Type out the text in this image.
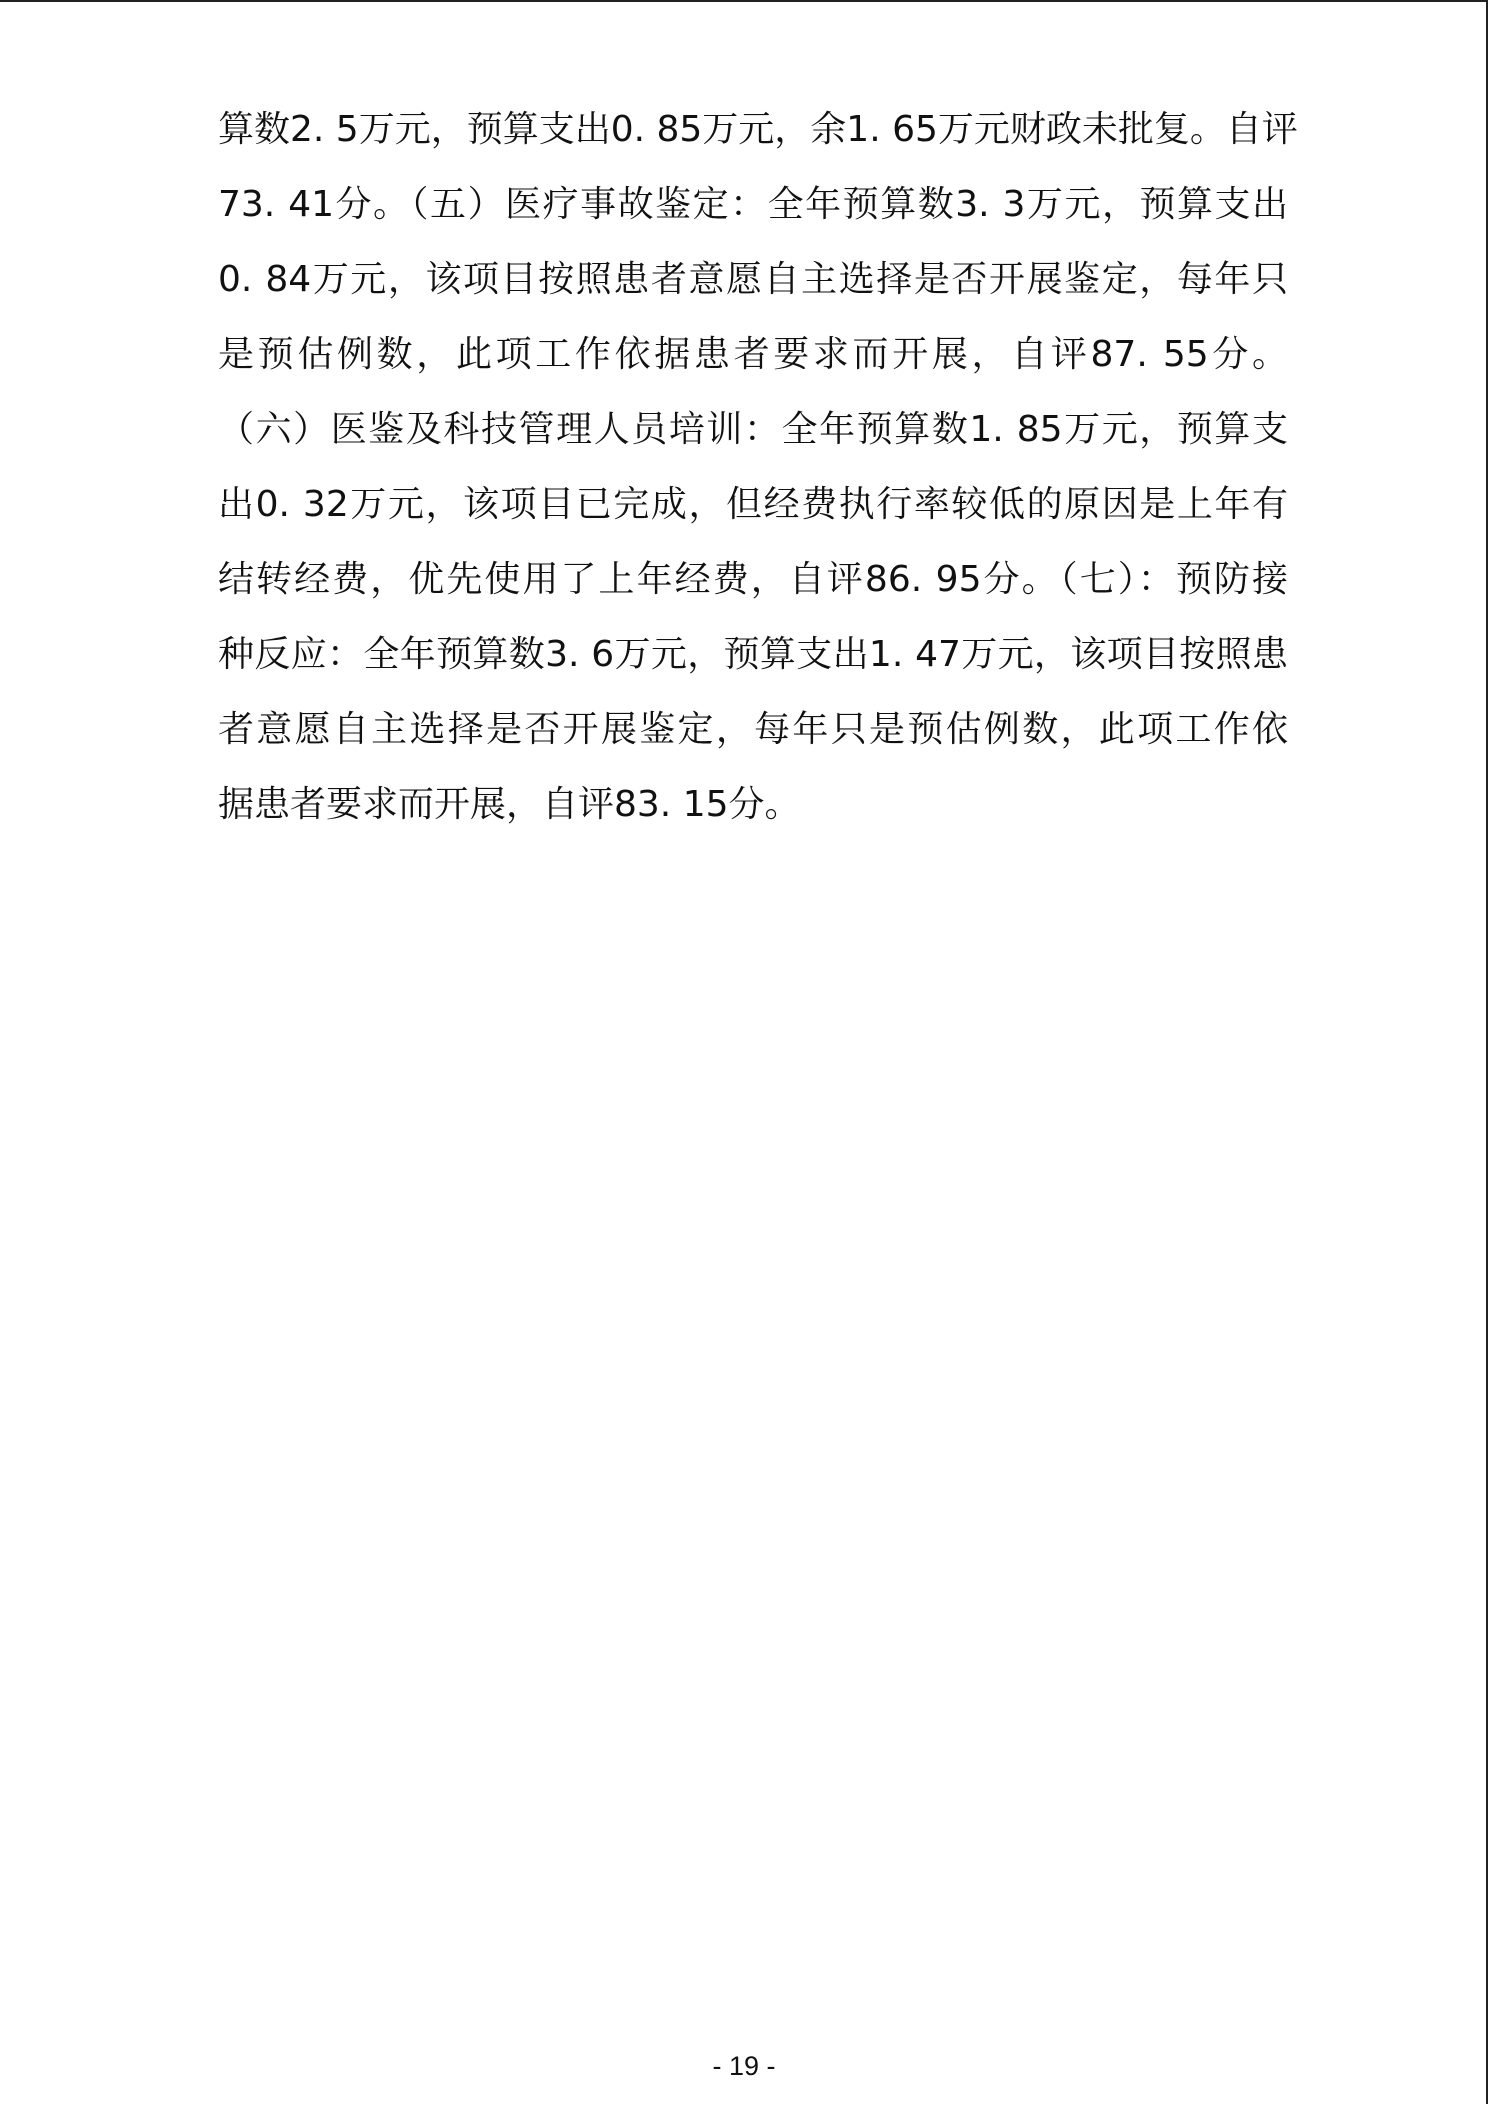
算数2. 5万元，预算支出0. 85万元，余1. 65万元财政未批复。自评
73. 41分。（五）医疗事故鉴定：全年预算数3. 3万元，预算支出
0. 84万元，该项目按照患者意愿自主选择是否开展鉴定，每年只
是预估例数，此项工作依据患者要求而开展，自评87. 55分。
（六）医鉴及科技管理人员培训：全年预算数1. 85万元，预算支
出0. 32万元，该项目已完成，但经费执行率较低的原因是上年有
结转经费，优先使用了上年经费，自评86. 95分。（七）：预防接
种反应：全年预算数3. 6万元，预算支出1. 47万元，该项目按照患
者意愿自主选择是否开展鉴定，每年只是预估例数，此项工作依
据患者要求而开展，自评83. 15分。
- 19 -
